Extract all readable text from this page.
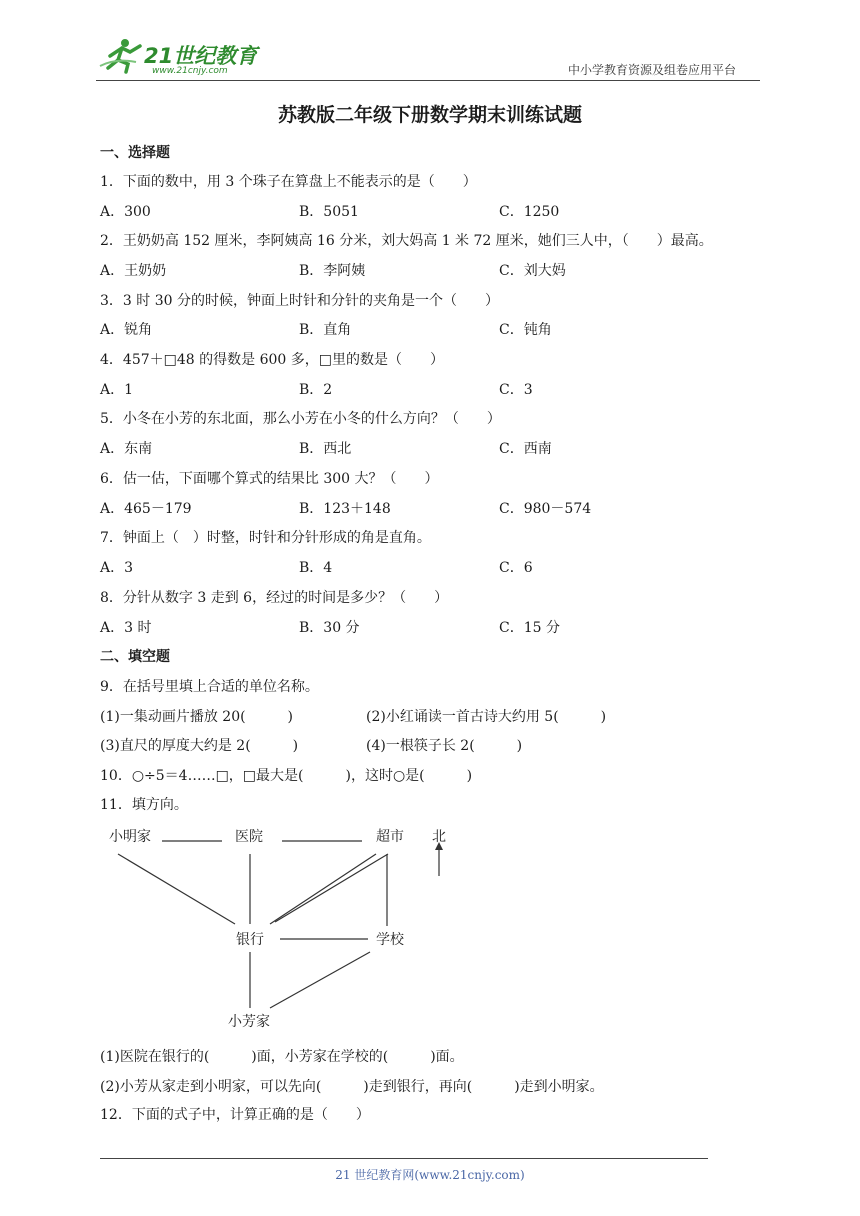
21世纪教育
www.21cnjy.com	中小学教育资源及组卷应用平台
苏教版二年级下册数学期末训练试题
一、选择题
1．下面的数中，用 3 个珠子在算盘上不能表示的是（　　）
A．300	B．5051	C．1250
2．王奶奶高 152 厘米，李阿姨高 16 分米，刘大妈高 1 米 72 厘米，她们三人中，（　　）最高。
A．王奶奶	B．李阿姨	C．刘大妈
3．3 时 30 分的时候，钟面上时针和分针的夹角是一个（　　）
A．锐角	B．直角	C．钝角
4．457＋□48 的得数是 600 多，□里的数是（　　）
A．1	B．2	C．3
5．小冬在小芳的东北面，那么小芳在小冬的什么方向？（　　）
A．东南	B．西北	C．西南
6．估一估，下面哪个算式的结果比 300 大？（　　）
A．465－179	B．123＋148	C．980－574
7．钟面上（　）时整，时针和分针形成的角是直角。
A．3	B．4	C．6
8．分针从数字 3 走到 6，经过的时间是多少？（　　）
A．3 时	B．30 分	C．15 分
二、填空题
9．在括号里填上合适的单位名称。
(1)一集动画片播放 20(　　　)	(2)小红诵读一首古诗大约用 5(　　　)
(3)直尺的厚度大约是 2(　　　)	(4)一根筷子长 2(　　　)
10．○÷5＝4……□，□最大是(　　　)，这时○是(　　　)
11．填方向。
小明家	医院	超市 北
银行	学校
小芳家
(1)医院在银行的(　　　)面，小芳家在学校的(　　　)面。
(2)小芳从家走到小明家，可以先向(　　　)走到银行，再向(　　　)走到小明家。
12．下面的式子中，计算正确的是（　　）
21 世纪教育网(www.21cnjy.com)
